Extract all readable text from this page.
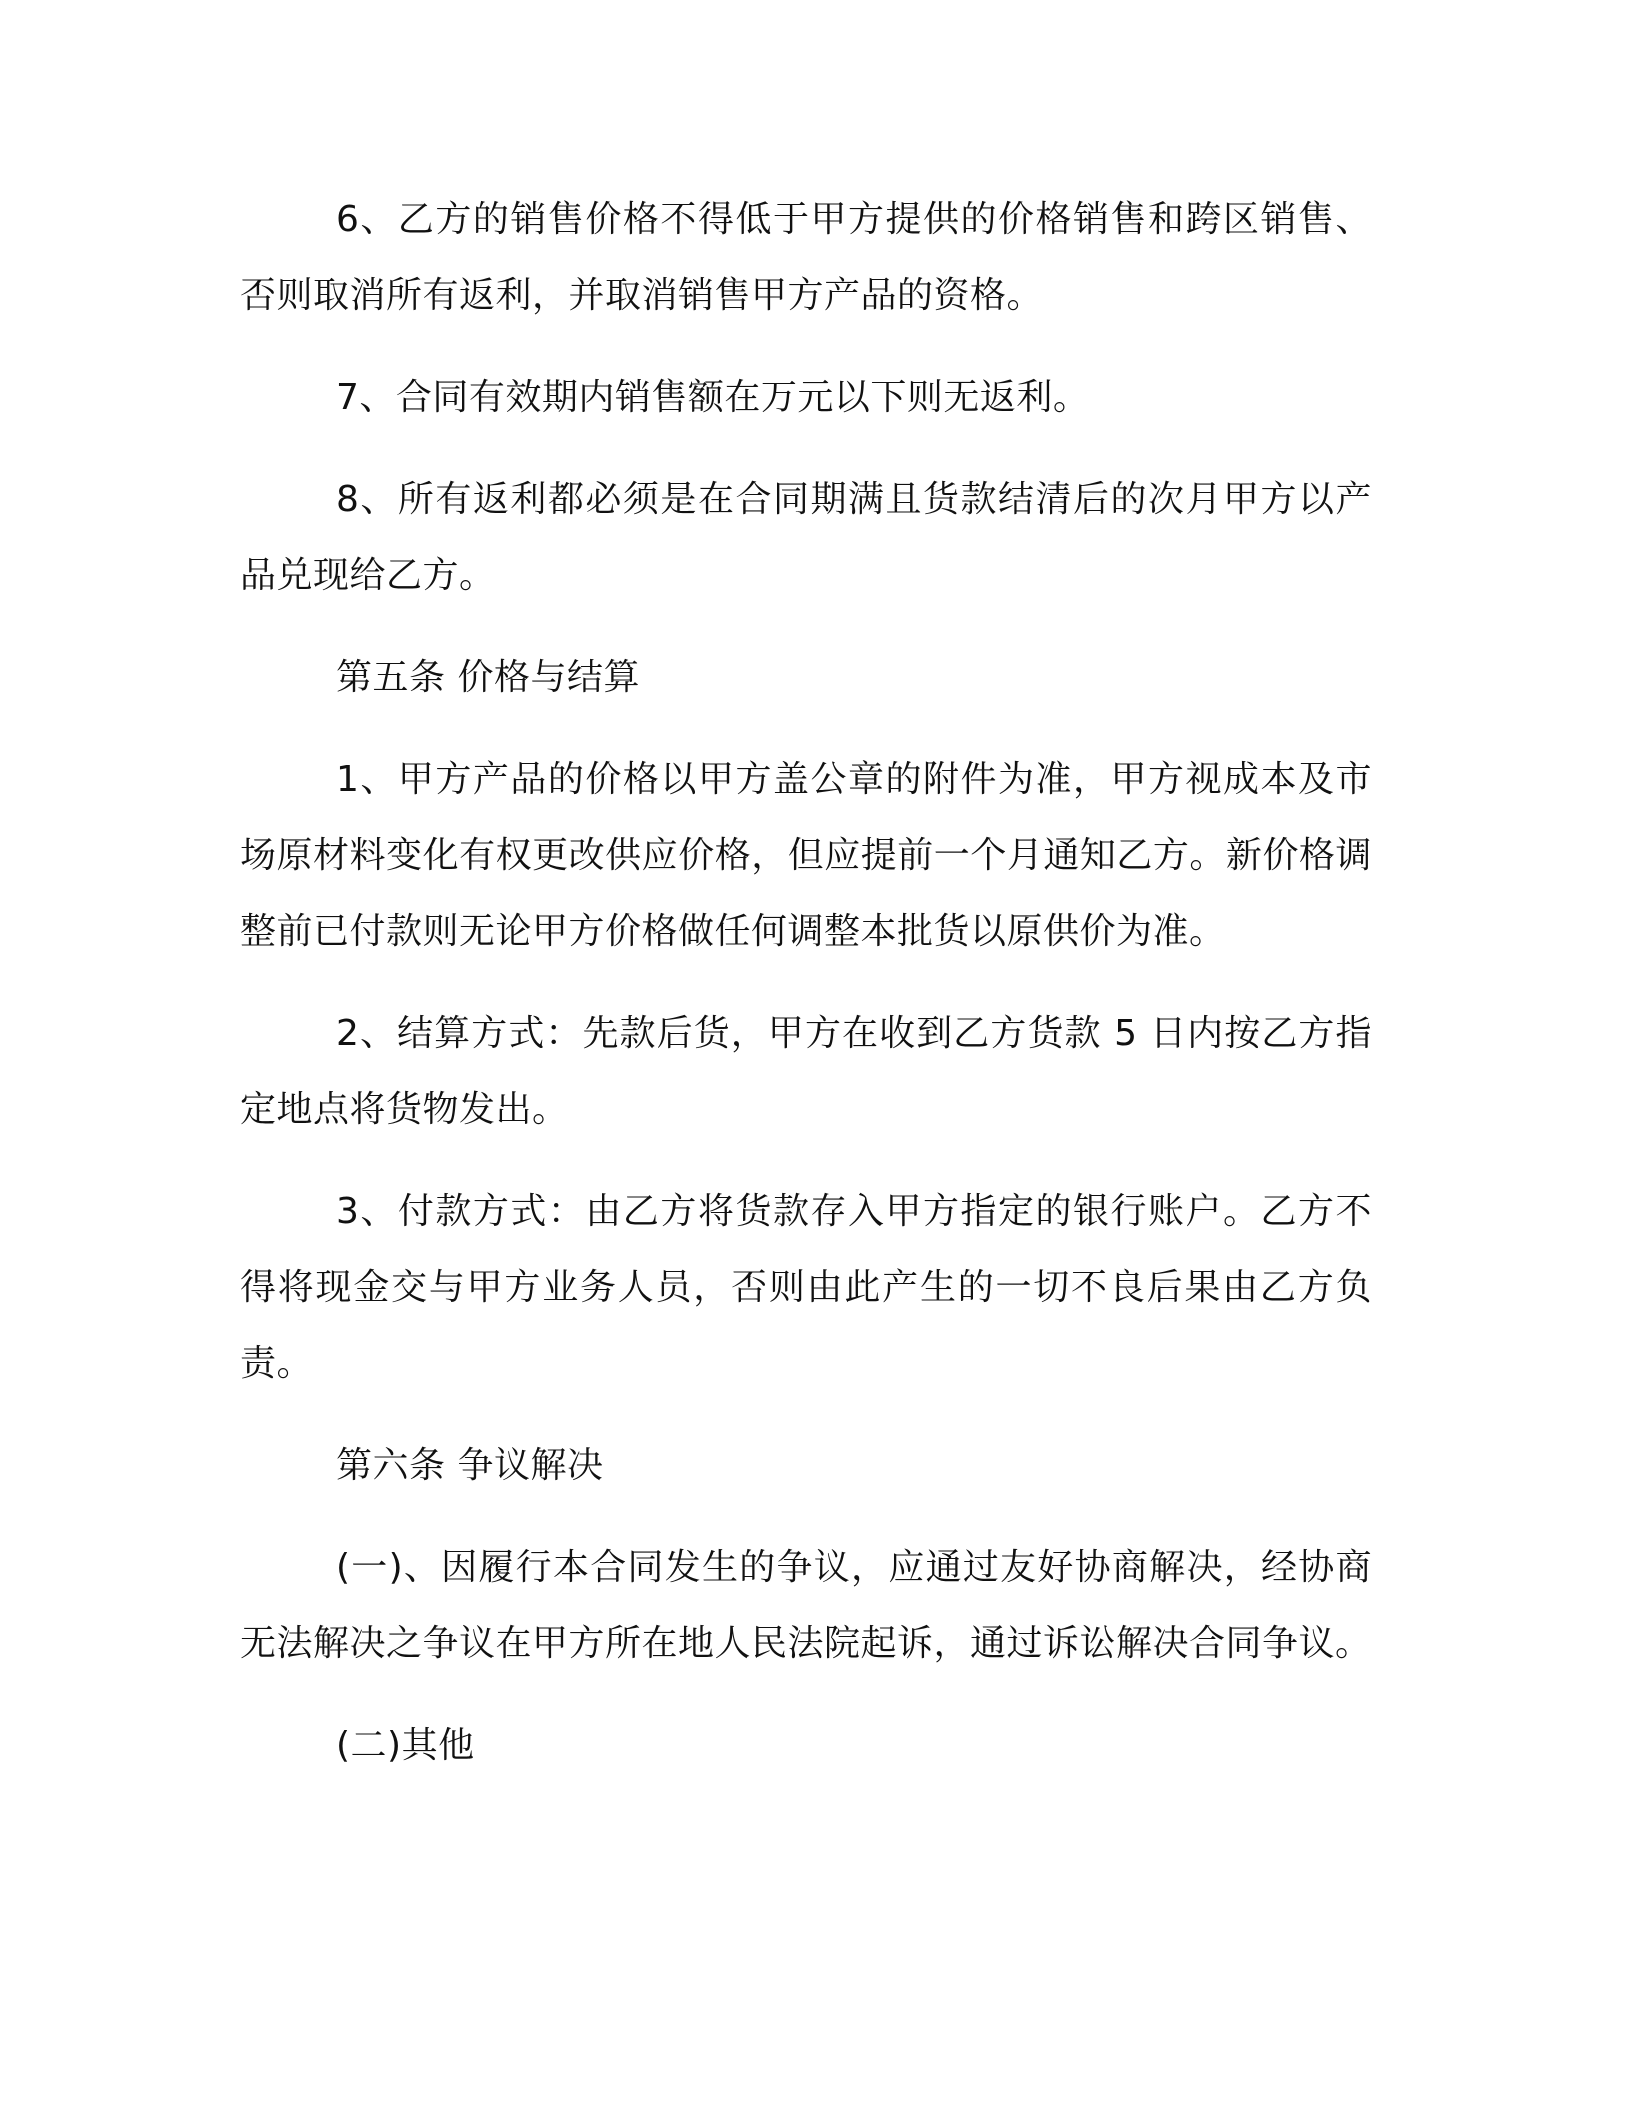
6、乙方的销售价格不得低于甲方提供的价格销售和跨区销售、否则取消所有返利，并取消销售甲方产品的资格。

7、合同有效期内销售额在万元以下则无返利。

8、所有返利都必须是在合同期满且货款结清后的次月甲方以产品兑现给乙方。

第五条 价格与结算

1、甲方产品的价格以甲方盖公章的附件为准，甲方视成本及市场原材料变化有权更改供应价格，但应提前一个月通知乙方。新价格调整前已付款则无论甲方价格做任何调整本批货以原供价为准。

2、结算方式：先款后货，甲方在收到乙方货款 5 日内按乙方指定地点将货物发出。

3、付款方式：由乙方将货款存入甲方指定的银行账户。乙方不得将现金交与甲方业务人员，否则由此产生的一切不良后果由乙方负责。

第六条 争议解决

(一)、因履行本合同发生的争议，应通过友好协商解决，经协商无法解决之争议在甲方所在地人民法院起诉，通过诉讼解决合同争议。

(二)其他
